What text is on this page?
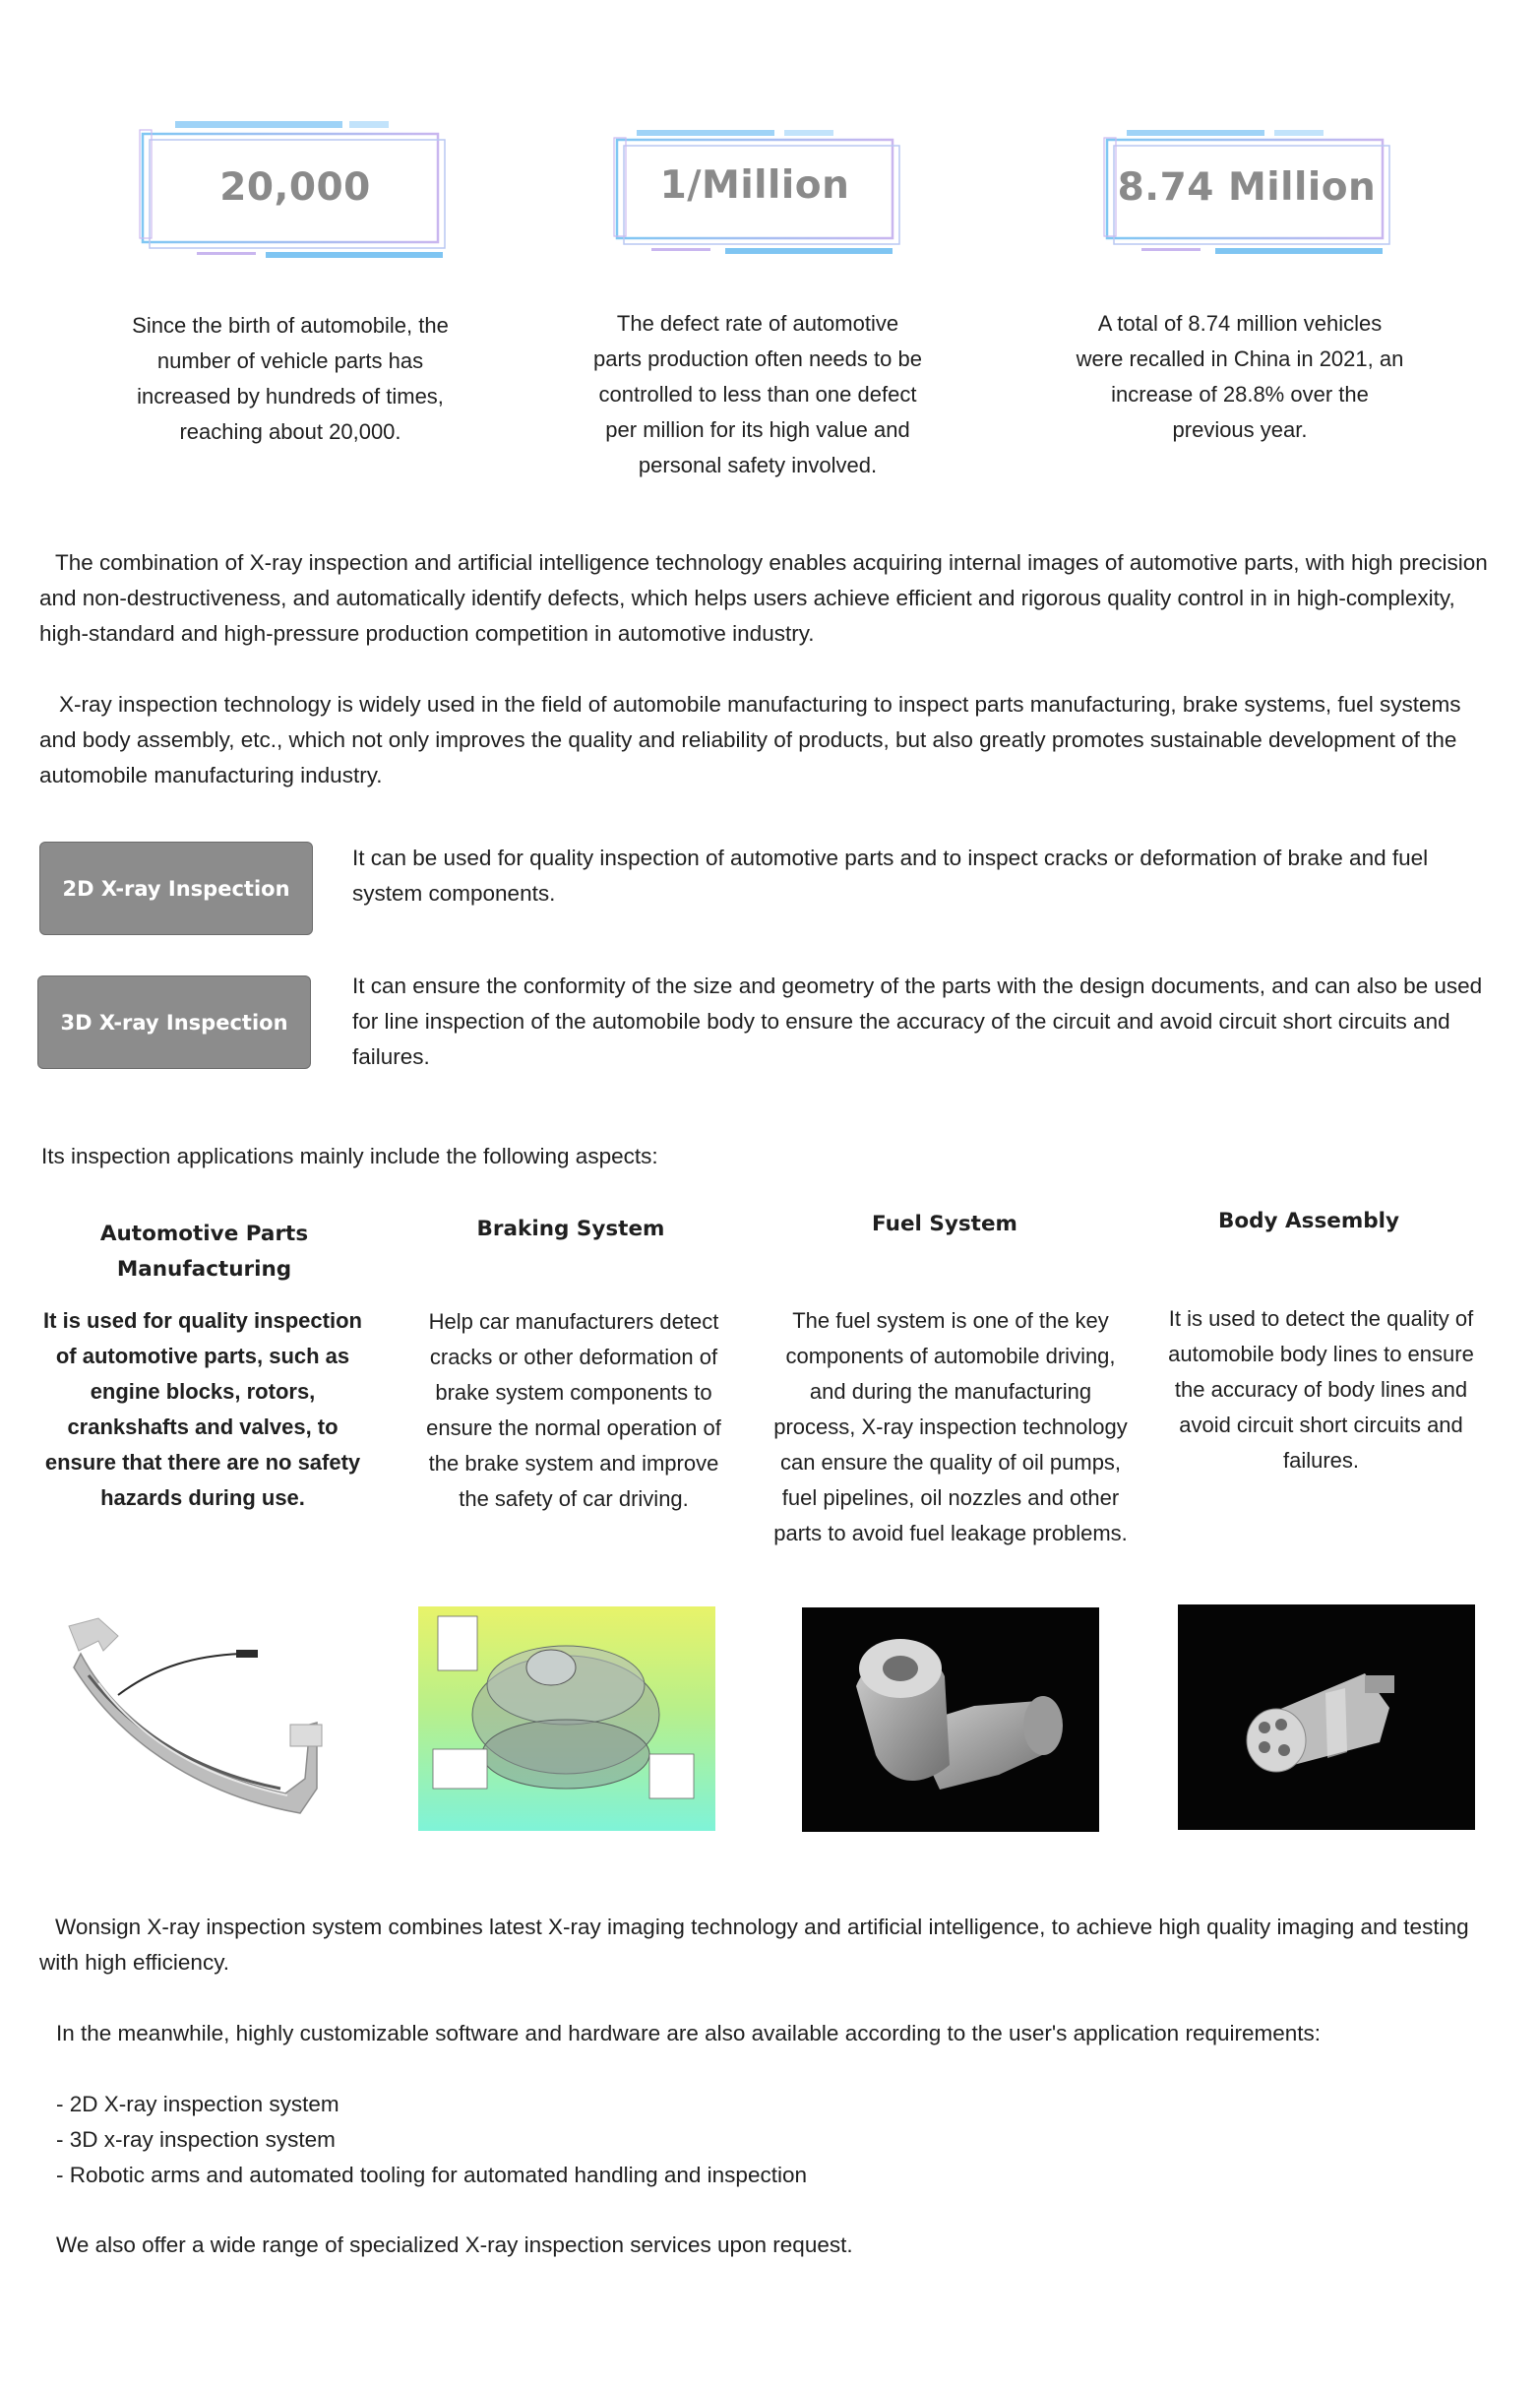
20,000
Since the birth of automobile, the number of vehicle parts has increased by hundreds of times, reaching about 20,000.
1/Million
The defect rate of automotive parts production often needs to be controlled to less than one defect per million for its high value and personal safety involved.
8.74 Million
A total of 8.74 million vehicles were recalled in China in 2021, an increase of 28.8% over the previous year.
The combination of X-ray inspection and artificial intelligence technology enables acquiring internal images of automotive parts, with high precision and non-destructiveness, and automatically identify defects, which helps users achieve efficient and rigorous quality control in in high-complexity, high-standard and high-pressure production competition in automotive industry.
X-ray inspection technology is widely used in the field of automobile manufacturing to inspect parts manufacturing, brake systems, fuel systems and body assembly, etc., which not only improves the quality and reliability of products, but also greatly promotes sustainable development of the automobile manufacturing industry.
2D X-ray Inspection
It can be used for quality inspection of automotive parts and to inspect cracks or deformation of brake and fuel system components.
3D X-ray Inspection
It can ensure the conformity of the size and geometry of the parts with the design documents, and can also be used for line inspection of the automobile body to ensure the accuracy of the circuit and avoid circuit short circuits and failures.
Its inspection applications mainly include the following aspects:
Automotive Parts Manufacturing
It is used for quality inspection of automotive parts, such as engine blocks, rotors, crankshafts and valves, to ensure that there are no safety hazards during use.
Braking System
Help car manufacturers detect cracks or other deformation of brake system components to ensure the normal operation of the brake system and improve the safety of car driving.
Fuel System
The fuel system is one of the key components of automobile driving, and during the manufacturing process, X-ray inspection technology can ensure the quality of oil pumps, fuel pipelines, oil nozzles and other parts to avoid fuel leakage problems.
Body Assembly
It is used to detect the quality of automobile body lines to ensure the accuracy of body lines and avoid circuit short circuits and failures.
Wonsign X-ray inspection system combines latest X-ray imaging technology and artificial intelligence, to achieve high quality imaging and testing with high efficiency.
In the meanwhile, highly customizable software and hardware are also available according to the user's application requirements:
- 2D X-ray inspection system
- 3D x-ray inspection system
- Robotic arms and automated tooling for automated handling and inspection
We also offer a wide range of specialized X-ray inspection services upon request.
